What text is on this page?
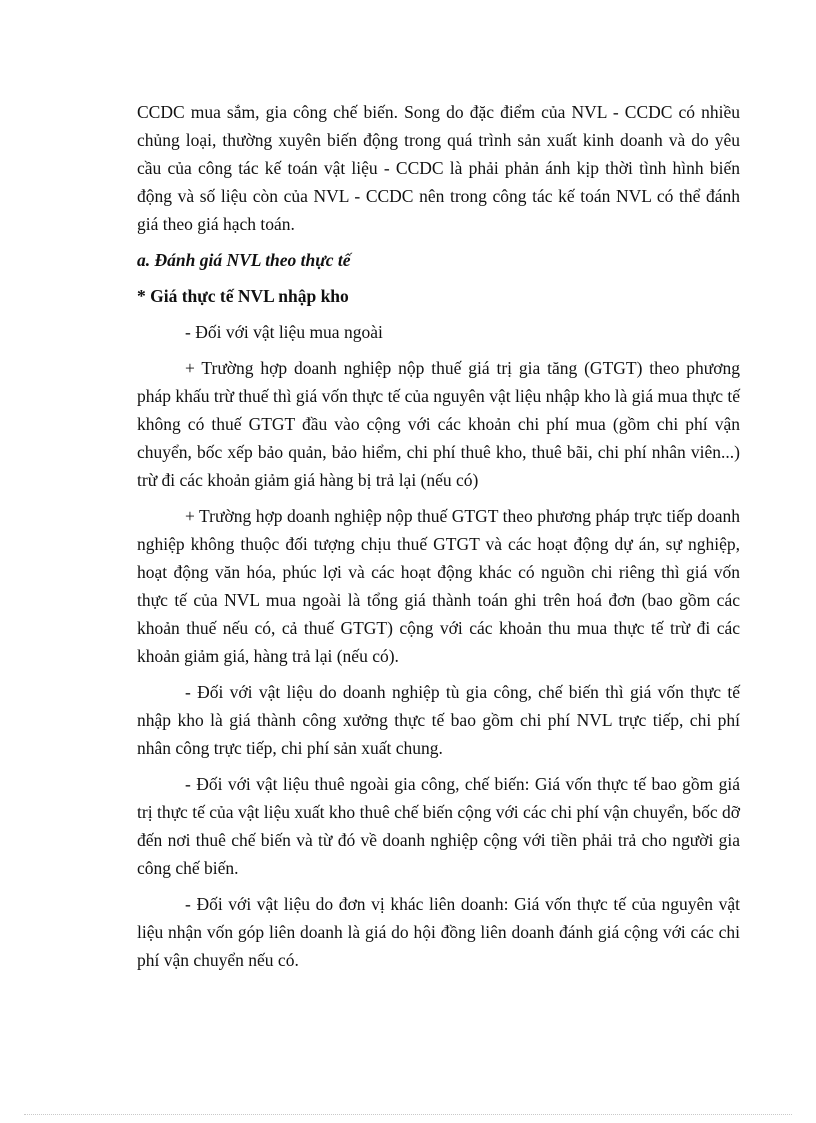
CCDC mua sắm, gia công chế biến. Song do đặc điểm của NVL - CCDC có nhiều chủng loại, thường xuyên biến động trong quá trình sản xuất kinh doanh và do yêu cầu của công tác kế toán vật liệu - CCDC là phải phản ánh kịp thời tình hình biến động và số liệu còn của NVL - CCDC nên trong công tác kế toán NVL có thể đánh giá theo giá hạch toán.

a. Đánh giá NVL theo thực tế

* Giá thực tế NVL nhập kho

- Đối với vật liệu mua ngoài

+ Trường hợp doanh nghiệp nộp thuế giá trị gia tăng (GTGT) theo phương pháp khấu trừ thuế thì giá vốn thực tế của nguyên vật liệu nhập kho là giá mua thực tế không có thuế GTGT đầu vào cộng với các khoản chi phí mua (gồm chi phí vận chuyển, bốc xếp bảo quản, bảo hiểm, chi phí thuê kho, thuê bãi, chi phí nhân viên...) trừ đi các khoản giảm giá hàng bị trả lại (nếu có)

+ Trường hợp doanh nghiệp nộp thuế GTGT theo phương pháp trực tiếp doanh nghiệp không thuộc đối tượng chịu thuế GTGT và các hoạt động dự án, sự nghiệp, hoạt động văn hóa, phúc lợi và các hoạt động khác có nguồn chi riêng thì giá vốn thực tế của NVL mua ngoài là tổng giá thành toán ghi trên hoá đơn (bao gồm các khoản thuế nếu có, cả thuế GTGT) cộng với các khoản thu mua thực tế trừ đi các khoản giảm giá, hàng trả lại (nếu có).

- Đối với vật liệu do doanh nghiệp tù gia công, chế biến thì giá vốn thực tế nhập kho là giá thành công xưởng thực tế bao gồm chi phí NVL trực tiếp, chi phí nhân công trực tiếp, chi phí sản xuất chung.

- Đối với vật liệu thuê ngoài gia công, chế biến: Giá vốn thực tế bao gồm giá trị thực tế của vật liệu xuất kho thuê chế biến cộng với các chi phí vận chuyển, bốc dỡ đến nơi thuê chế biến và từ đó về doanh nghiệp cộng với tiền phải trả cho người gia công chế biến.

- Đối với vật liệu do đơn vị khác liên doanh: Giá vốn thực tế của nguyên vật liệu nhận vốn góp liên doanh là giá do hội đồng liên doanh đánh giá cộng với các chi phí vận chuyển nếu có.
